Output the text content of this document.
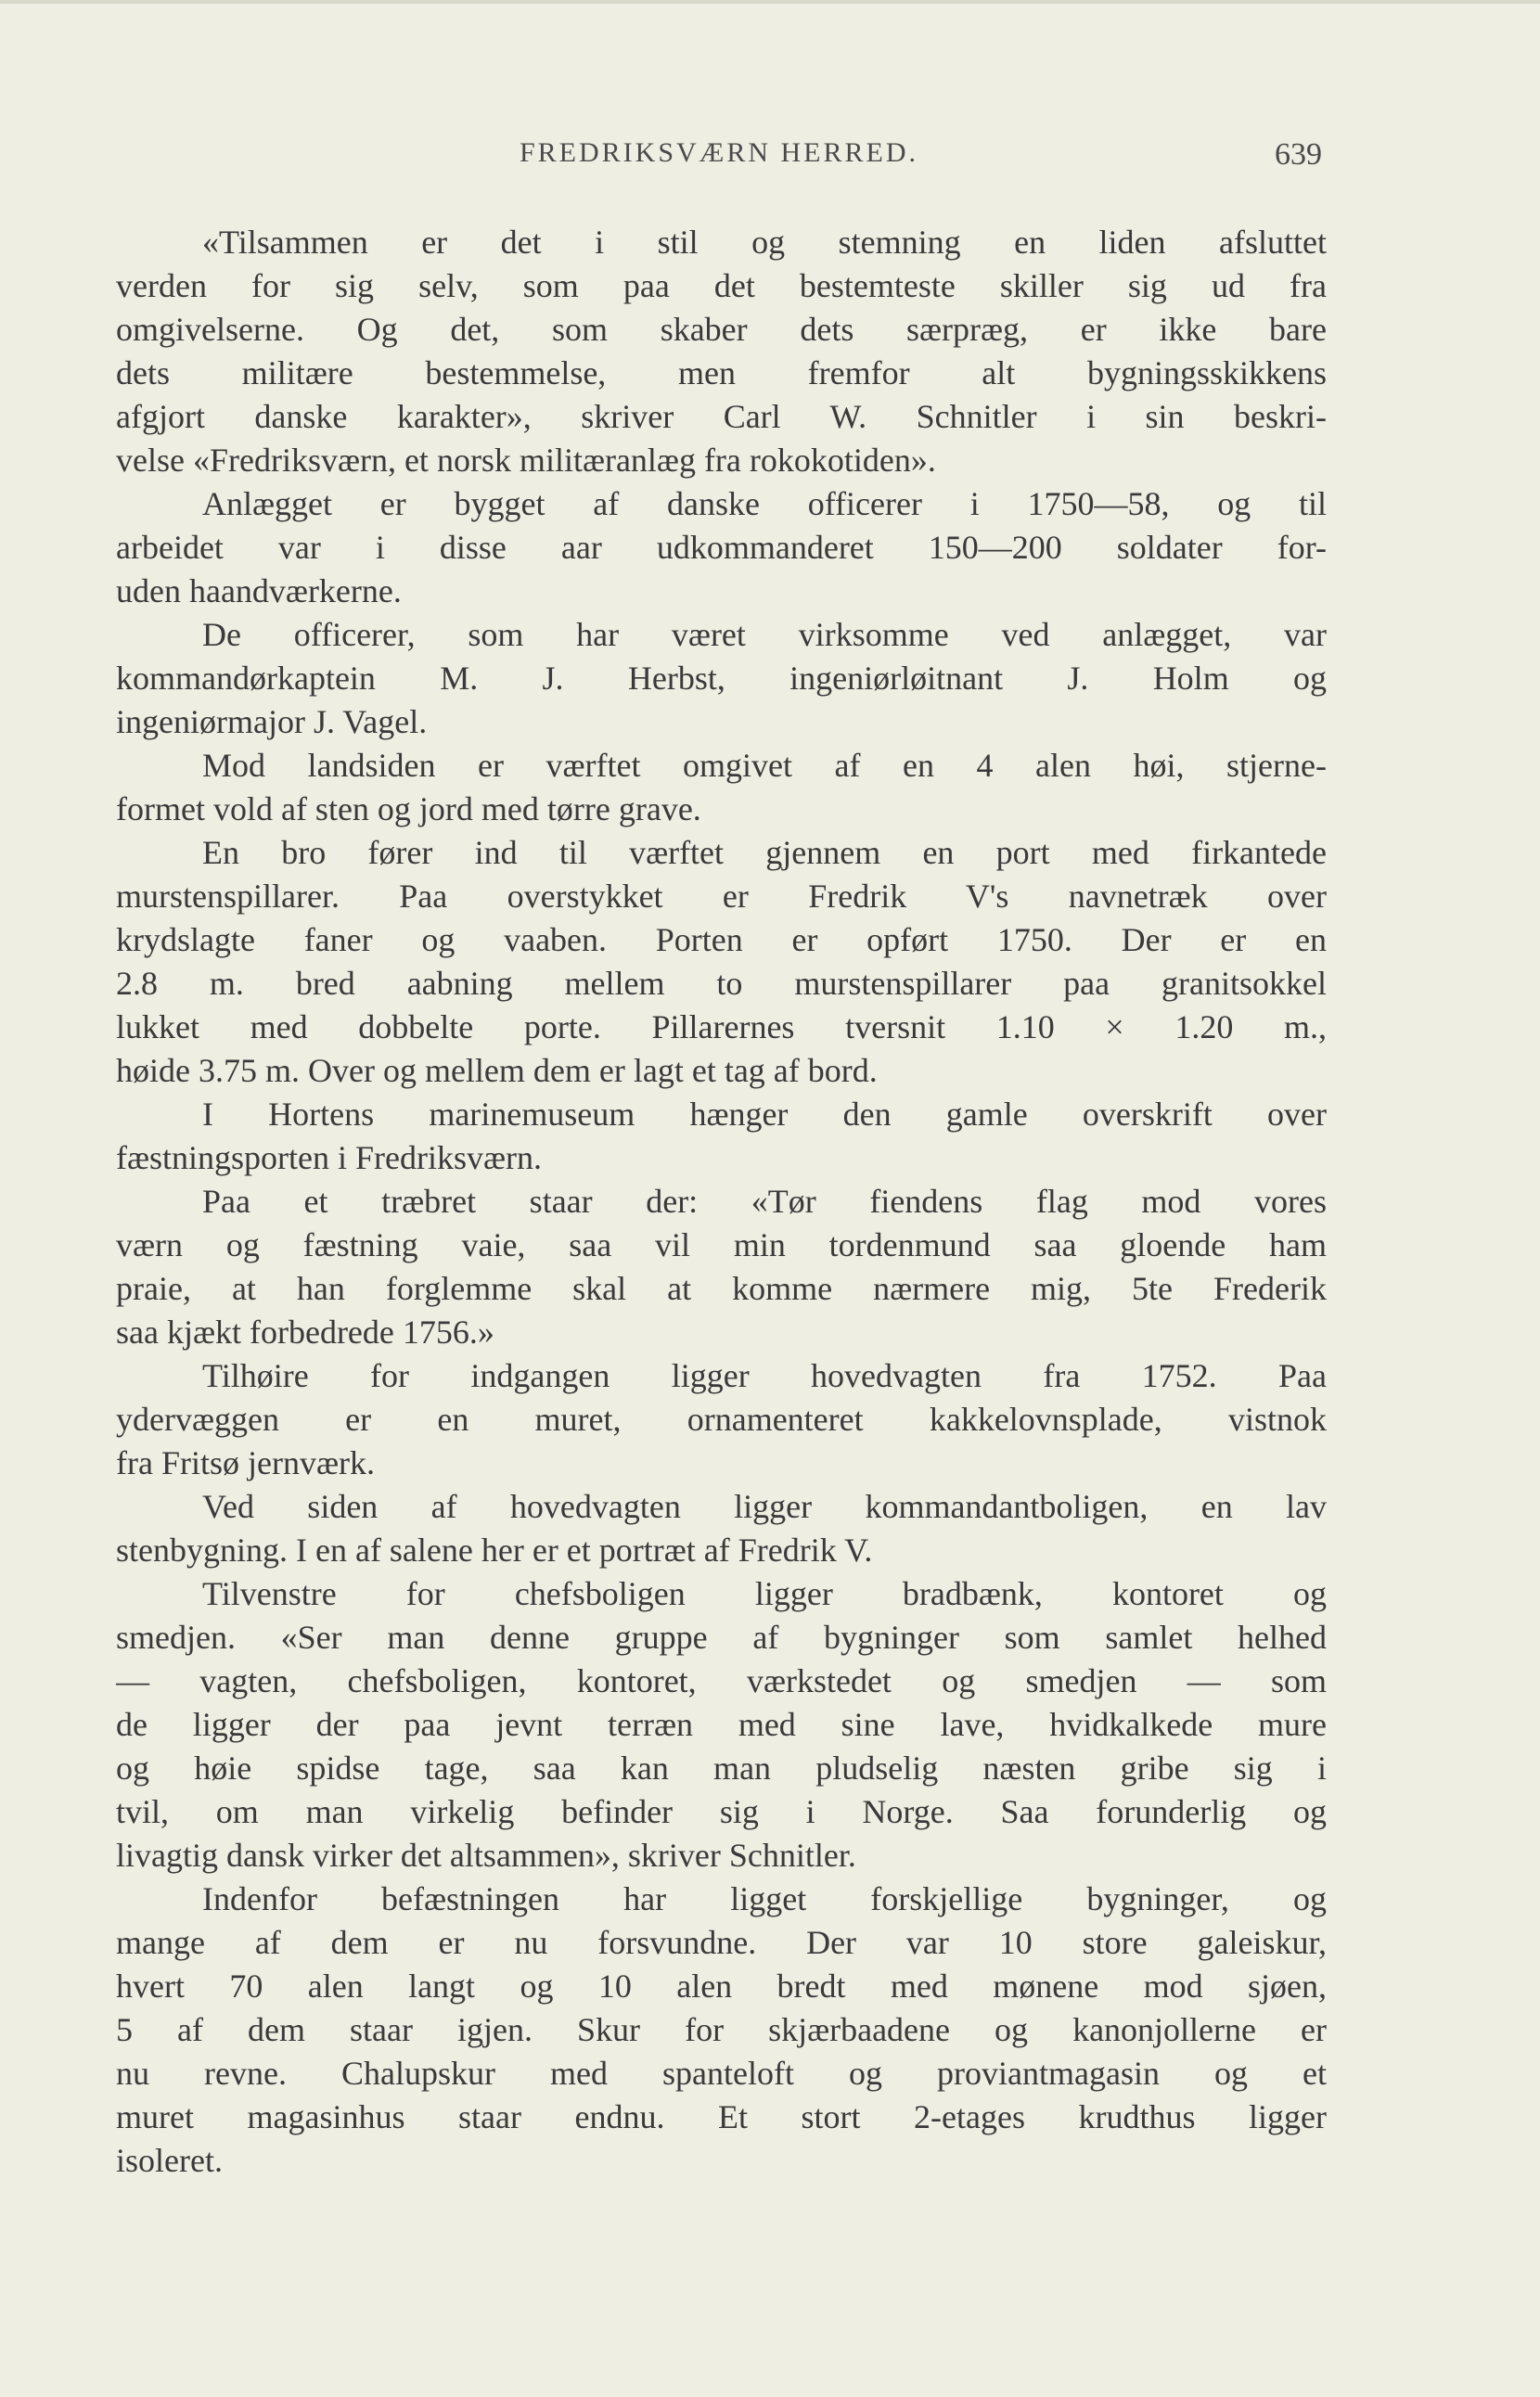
FREDRIKSVÆRN HERRED.	639
«Tilsammen er det i stil og stemning en liden afsluttet
verden for sig selv, som paa det bestemteste skiller sig ud fra
omgivelserne. Og det, som skaber dets særpræg, er ikke bare
dets militære bestemmelse, men fremfor alt bygningsskikkens
afgjort danske karakter», skriver Carl W. Schnitler i sin beskri-
velse «Fredriksværn, et norsk militæranlæg fra rokokotiden».
Anlægget er bygget af danske officerer i 1750—58, og til
arbeidet var i disse aar udkommanderet 150—200 soldater for-
uden haandværkerne.
De officerer, som har været virksomme ved anlægget, var
kommandørkaptein M. J. Herbst, ingeniørløitnant J. Holm og
ingeniørmajor J. Vagel.
Mod landsiden er værftet omgivet af en 4 alen høi, stjerne-
formet vold af sten og jord med tørre grave.
En bro fører ind til værftet gjennem en port med firkantede
murstenspillarer. Paa overstykket er Fredrik V's navnetræk over
krydslagte faner og vaaben. Porten er opført 1750. Der er en
2.8 m. bred aabning mellem to murstenspillarer paa granitsokkel
lukket med dobbelte porte. Pillarernes tversnit 1.10 × 1.20 m.,
høide 3.75 m. Over og mellem dem er lagt et tag af bord.
I Hortens marinemuseum hænger den gamle overskrift over
fæstningsporten i Fredriksværn.
Paa et træbret staar der: «Tør fiendens flag mod vores
værn og fæstning vaie, saa vil min tordenmund saa gloende ham
praie, at han forglemme skal at komme nærmere mig, 5te Frederik
saa kjækt forbedrede 1756.»
Tilhøire for indgangen ligger hovedvagten fra 1752. Paa
ydervæggen er en muret, ornamenteret kakkelovnsplade, vistnok
fra Fritsø jernværk.
Ved siden af hovedvagten ligger kommandantboligen, en lav
stenbygning. I en af salene her er et portræt af Fredrik V.
Tilvenstre for chefsboligen ligger bradbænk, kontoret og
smedjen. «Ser man denne gruppe af bygninger som samlet helhed
— vagten, chefsboligen, kontoret, værkstedet og smedjen — som
de ligger der paa jevnt terræn med sine lave, hvidkalkede mure
og høie spidse tage, saa kan man pludselig næsten gribe sig i
tvil, om man virkelig befinder sig i Norge. Saa forunderlig og
livagtig dansk virker det altsammen», skriver Schnitler.
Indenfor befæstningen har ligget forskjellige bygninger, og
mange af dem er nu forsvundne. Der var 10 store galeiskur,
hvert 70 alen langt og 10 alen bredt med mønene mod sjøen,
5 af dem staar igjen. Skur for skjærbaadene og kanonjollerne er
nu revne. Chalupskur med spanteloft og proviantmagasin og et
muret magasinhus staar endnu. Et stort 2-etages krudthus ligger
isoleret.
